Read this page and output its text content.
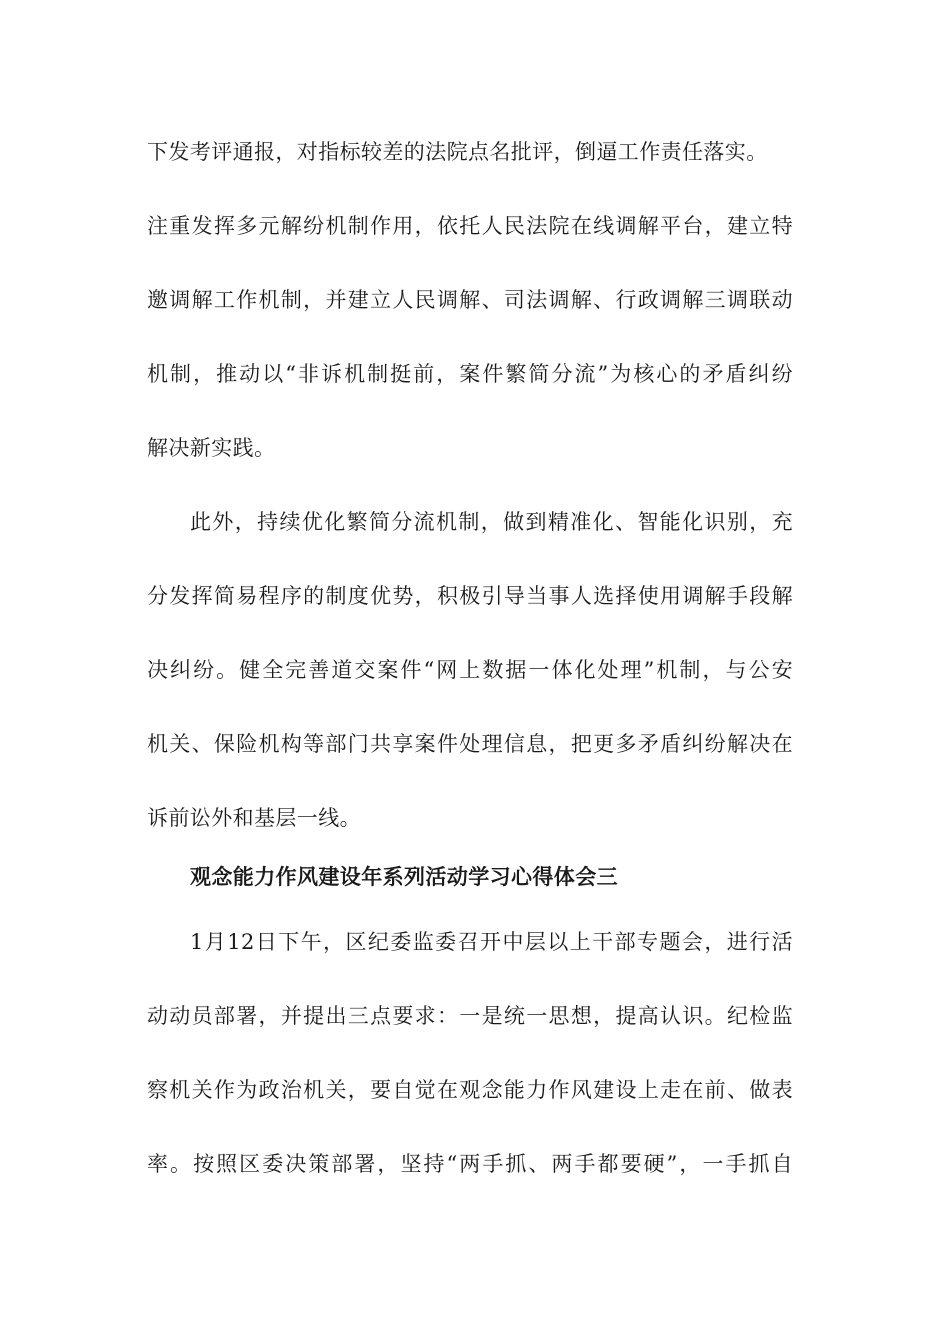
下发考评通报，对指标较差的法院点名批评，倒逼工作责任落实。
注重发挥多元解纷机制作用，依托人民法院在线调解平台，建立特
邀调解工作机制，并建立人民调解、司法调解、行政调解三调联动
机制，推动以“非诉机制挺前，案件繁简分流”为核心的矛盾纠纷
解决新实践。
此外，持续优化繁简分流机制，做到精准化、智能化识别，充
分发挥简易程序的制度优势，积极引导当事人选择使用调解手段解
决纠纷。健全完善道交案件“网上数据一体化处理”机制，与公安
机关、保险机构等部门共享案件处理信息，把更多矛盾纠纷解决在
诉前讼外和基层一线。
观念能力作风建设年系列活动学习心得体会三
1月12日下午，区纪委监委召开中层以上干部专题会，进行活
动动员部署，并提出三点要求：一是统一思想，提高认识。纪检监
察机关作为政治机关，要自觉在观念能力作风建设上走在前、做表
率。按照区委决策部署，坚持“两手抓、两手都要硬”，一手抓自
